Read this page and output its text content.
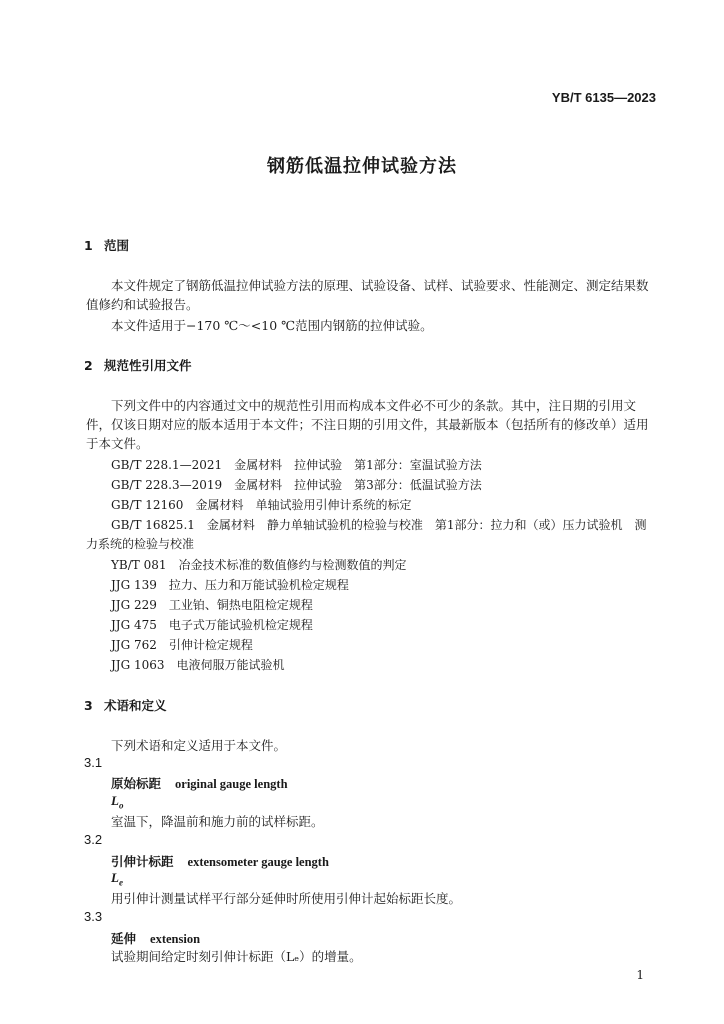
YB/T 6135—2023
钢筋低温拉伸试验方法
1 范围
本文件规定了钢筋低温拉伸试验方法的原理、试验设备、试样、试验要求、性能测定、测定结果数值修约和试验报告。
本文件适用于−170 ℃～<10 ℃范围内钢筋的拉伸试验。
2 规范性引用文件
下列文件中的内容通过文中的规范性引用而构成本文件必不可少的条款。其中，注日期的引用文件，仅该日期对应的版本适用于本文件；不注日期的引用文件，其最新版本（包括所有的修改单）适用于本文件。
GB/T 228.1—2021　金属材料　拉伸试验　第1部分：室温试验方法
GB/T 228.3—2019　金属材料　拉伸试验　第3部分：低温试验方法
GB/T 12160　金属材料　单轴试验用引伸计系统的标定
GB/T 16825.1　金属材料　静力单轴试验机的检验与校准　第1部分：拉力和（或）压力试验机　测力系统的检验与校准
YB/T 081　冶金技术标准的数值修约与检测数值的判定
JJG 139　拉力、压力和万能试验机检定规程
JJG 229　工业铂、铜热电阻检定规程
JJG 475　电子式万能试验机检定规程
JJG 762　引伸计检定规程
JJG 1063　电液伺服万能试验机
3 术语和定义
下列术语和定义适用于本文件。
3.1
原始标距 original gauge length
$L_o$
室温下，降温前和施力前的试样标距。
3.2
引伸计标距 extensometer gauge length
$L_e$
用引伸计测量试样平行部分延伸时所使用引伸计起始标距长度。
3.3
延伸 extension
试验期间给定时刻引伸计标距（Lₑ）的增量。
1
